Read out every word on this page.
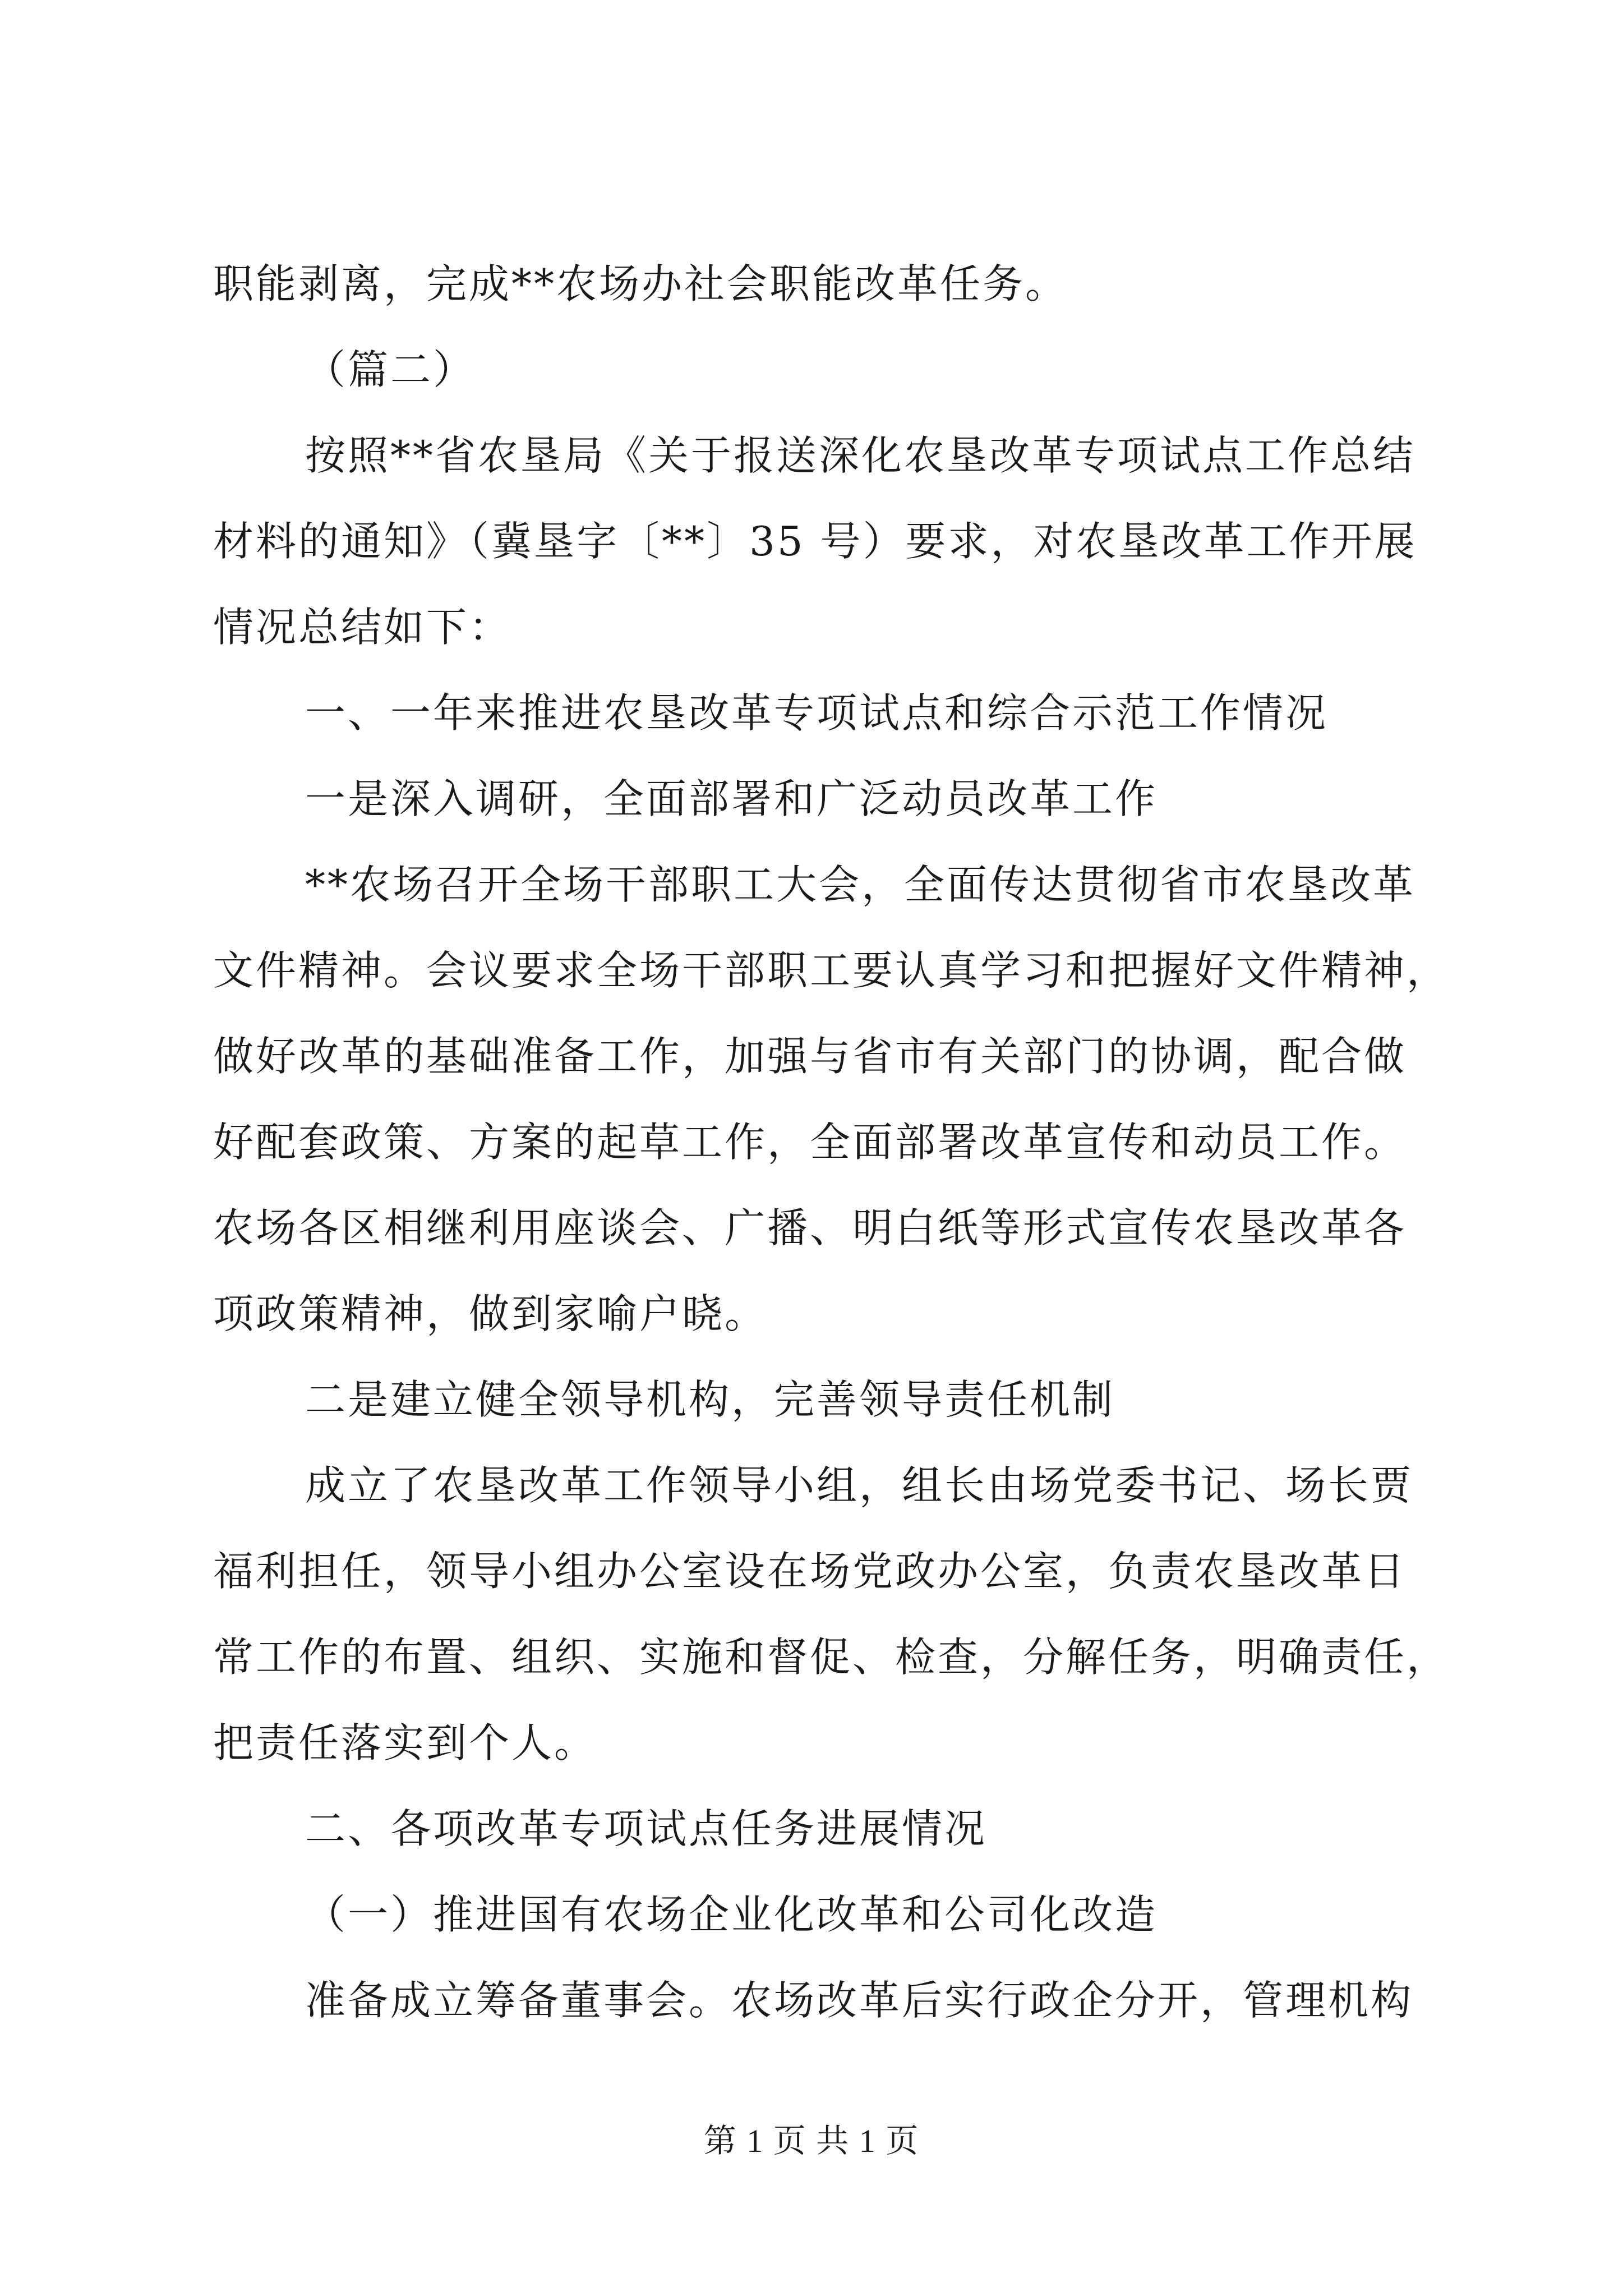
职能剥离，完成**农场办社会职能改革任务。
（篇二）
按照**省农垦局《关于报送深化农垦改革专项试点工作总结
材料的通知》（冀垦字〔**〕35 号）要求，对农垦改革工作开展
情况总结如下：
一、一年来推进农垦改革专项试点和综合示范工作情况
一是深入调研，全面部署和广泛动员改革工作
**农场召开全场干部职工大会，全面传达贯彻省市农垦改革
文件精神。会议要求全场干部职工要认真学习和把握好文件精神，
做好改革的基础准备工作，加强与省市有关部门的协调，配合做
好配套政策、方案的起草工作，全面部署改革宣传和动员工作。
农场各区相继利用座谈会、广播、明白纸等形式宣传农垦改革各
项政策精神，做到家喻户晓。
二是建立健全领导机构，完善领导责任机制
成立了农垦改革工作领导小组，组长由场党委书记、场长贾
福利担任，领导小组办公室设在场党政办公室，负责农垦改革日
常工作的布置、组织、实施和督促、检查，分解任务，明确责任，
把责任落实到个人。
二、各项改革专项试点任务进展情况
（一）推进国有农场企业化改革和公司化改造
准备成立筹备董事会。农场改革后实行政企分开，管理机构
第 1 页 共 1 页
